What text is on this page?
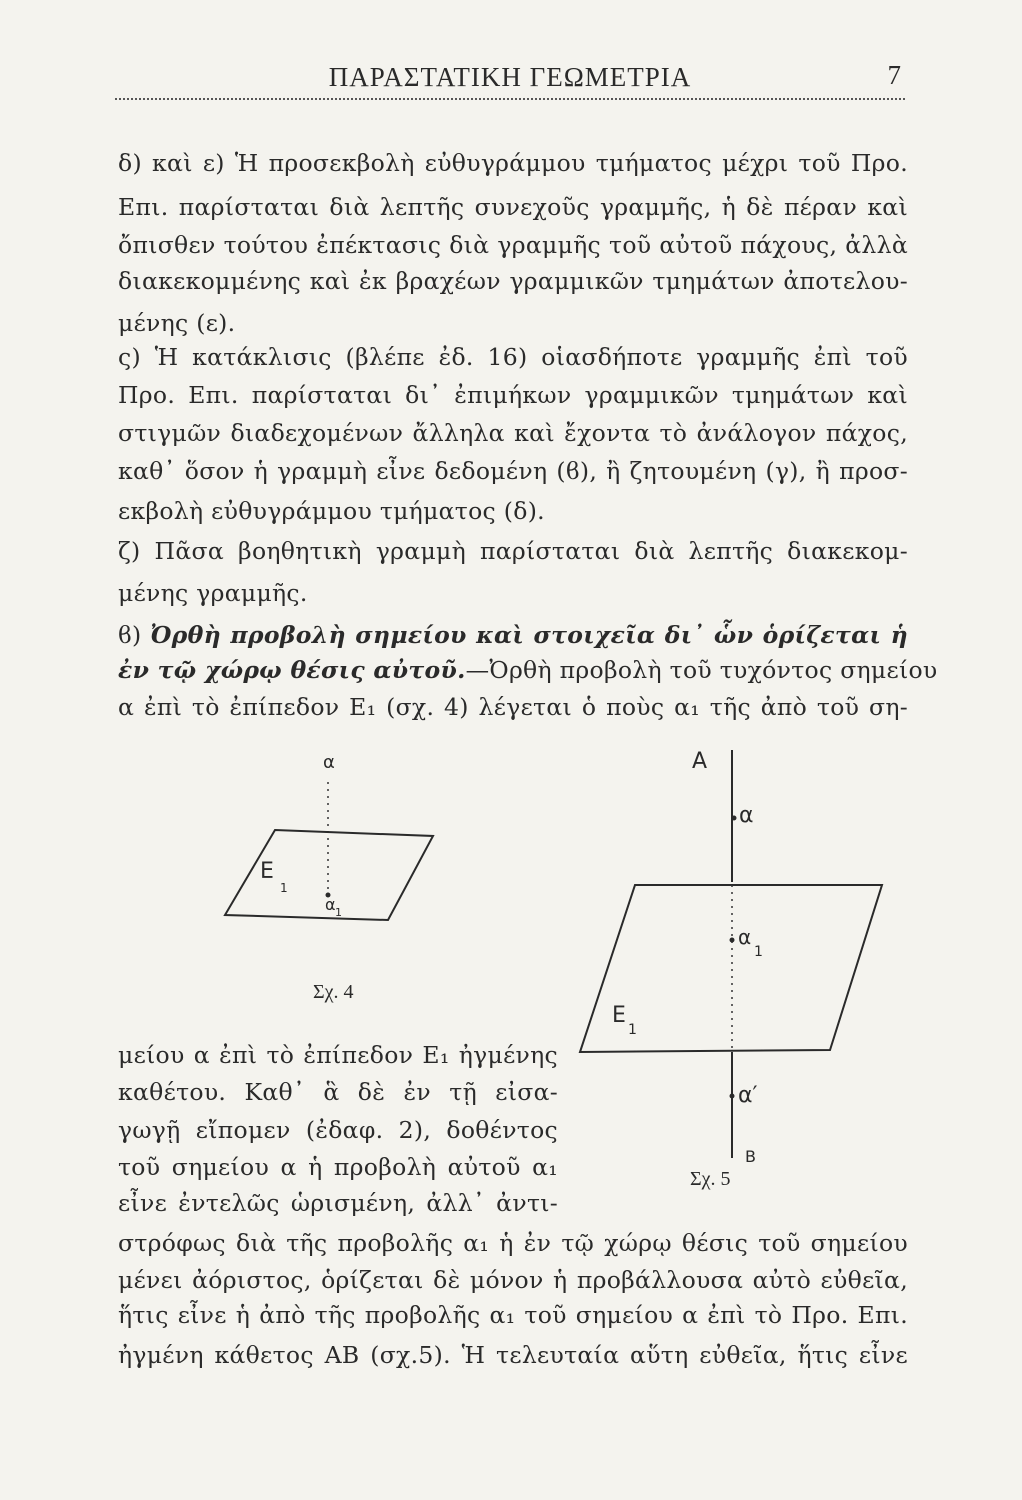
ΠΑΡΑΣΤΑΤΙΚΗ ΓΕΩΜΕΤΡΙΑ	7

δ) καὶ ε) Ἡ προσεκβολὴ εὐθυγράμμου τμήματος μέχρι τοῦ Προ.

Επι. παρίσταται διὰ λεπτῆς συνεχοῦς γραμμῆς, ἡ δὲ πέραν καὶ

ὄπισθεν τούτου ἐπέκτασις διὰ γραμμῆς τοῦ αὐτοῦ πάχους, ἀλλὰ

διακεκομμένης καὶ ἐκ βραχέων γραμμικῶν τμημάτων ἀποτελου-

μένης (ε).

ς) Ἡ κατάκλισις (βλέπε ἐδ. 16) οἱασδήποτε γραμμῆς ἐπὶ τοῦ

Προ. Επι. παρίσταται δι᾽ ἐπιμήκων γραμμικῶν τμημάτων καὶ

στιγμῶν διαδεχομένων ἄλληλα καὶ ἔχοντα τὸ ἀνάλογον πάχος,

καθ᾽ ὅσον ἡ γραμμὴ εἶνε δεδομένη (ϐ), ἢ ζητουμένη (γ), ἢ προσ-

εκβολὴ εὐθυγράμμου τμήματος (δ).

ζ) Πᾶσα βοηθητικὴ γραμμὴ παρίσταται διὰ λεπτῆς διακεκομ-

μένης γραμμῆς.

ϐ) Ὀρθὴ προβολὴ σημείου καὶ στοιχεῖα δι᾽ ὧν ὁρίζεται ἡ

ἐν τῷ χώρῳ θέσις αὐτοῦ.—Ὀρθὴ προβολὴ τοῦ τυχόντος σημείου

α ἐπὶ τὸ ἐπίπεδον Ε₁ (σχ. 4) λέγεται ὁ ποὺς α₁ τῆς ἀπὸ τοῦ ση-

α
Ε
1
α 1
Σχ. 4
A
α
α
1
E
1
α′
B
Σχ. 5

μείου α ἐπὶ τὸ ἐπίπεδον Ε₁ ἠγμένης

καθέτου. Καθ᾽ ἃ δὲ ἐν τῇ εἰσα-

γωγῇ εἴπομεν (ἐδαφ. 2), δοθέντος

τοῦ σημείου α ἡ προβολὴ αὐτοῦ α₁

εἶνε ἐντελῶς ὡρισμένη, ἀλλ᾽ ἀντι-

στρόφως διὰ τῆς προβολῆς α₁ ἡ ἐν τῷ χώρῳ θέσις τοῦ σημείου

μένει ἀόριστος, ὁρίζεται δὲ μόνον ἡ προβάλλουσα αὐτὸ εὐθεῖα,

ἥτις εἶνε ἡ ἀπὸ τῆς προβολῆς α₁ τοῦ σημείου α ἐπὶ τὸ Προ. Επι.

ἠγμένη κάθετος ΑΒ (σχ.5). Ἡ τελευταία αὕτη εὐθεῖα, ἥτις εἶνε
